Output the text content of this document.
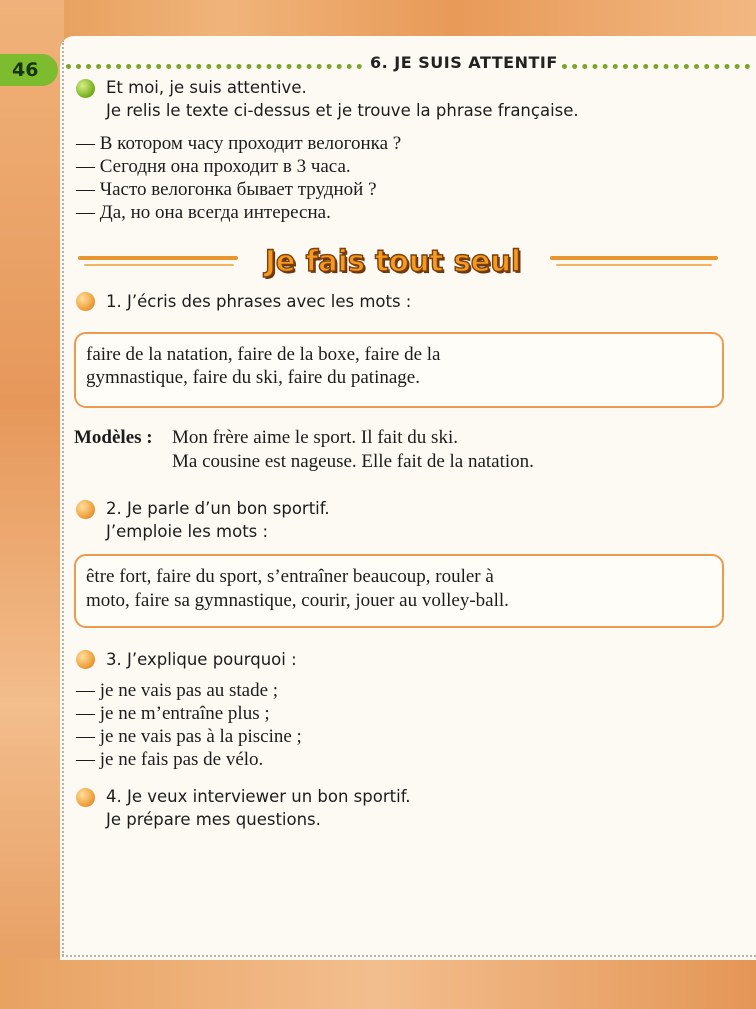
46	6. JE SUIS ATTENTIF
Et moi, je suis attentive.
Je relis le texte ci-dessus et je trouve la phrase française.
— В котором часу проходит велогонка ?
— Сегодня она проходит в 3 часа.
— Часто велогонка бывает трудной ?
— Да, но она всегда интересна.
Je fais tout seul
1. J’écris des phrases avec les mots :
faire de la natation, faire de la boxe, faire de la
gymnastique, faire du ski, faire du patinage.
Modèles : Mon frère aime le sport. Il fait du ski.
Ma cousine est nageuse. Elle fait de la natation.
2. Je parle d’un bon sportif.
J’emploie les mots :
être fort, faire du sport, s’entraîner beaucoup, rouler à
moto, faire sa gymnastique, courir, jouer au volley-ball.
3. J’explique pourquoi :
— je ne vais pas au stade ;
— je ne m’entraîne plus ;
— je ne vais pas à la piscine ;
— je ne fais pas de vélo.
4. Je veux interviewer un bon sportif.
Je prépare mes questions.
